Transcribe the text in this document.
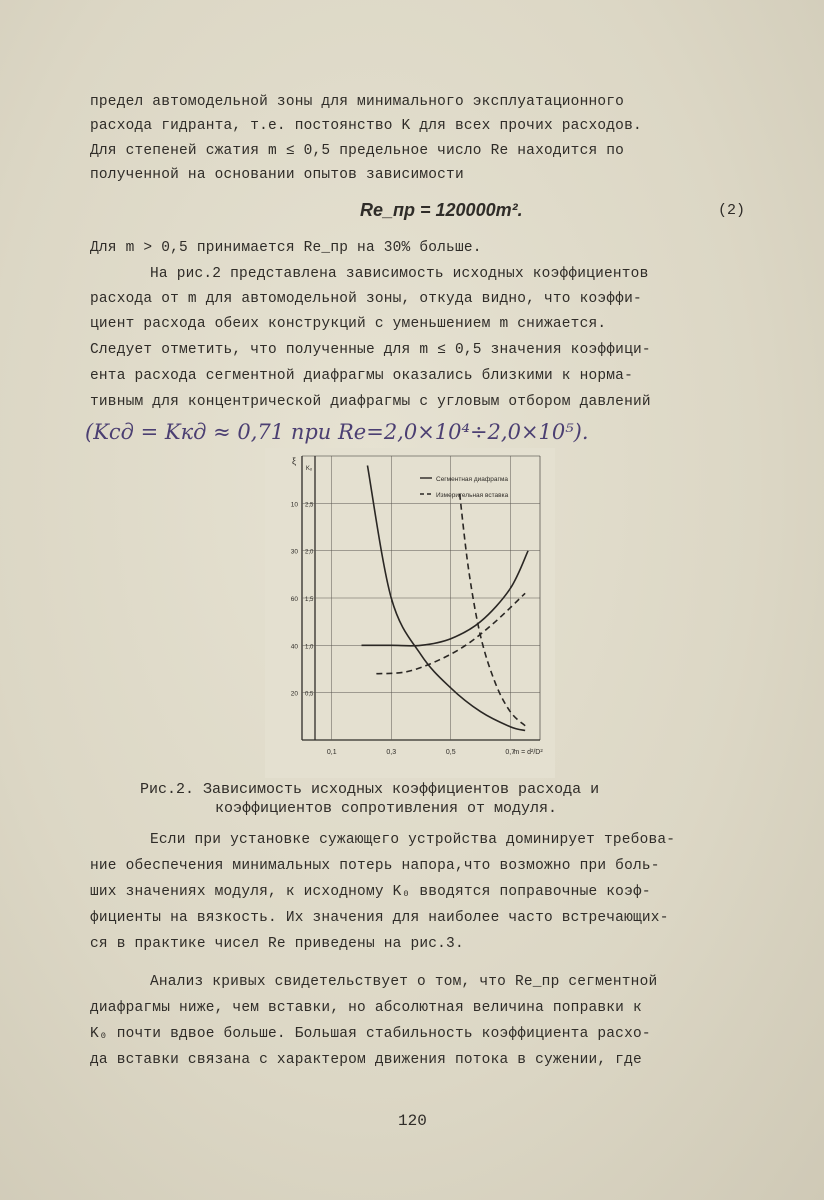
предел автомодельной зоны для минимального эксплуатационного
расхода гидранта, т.е. постоянство K для всех прочих расходов.
Для степеней сжатия m ≤ 0,5 предельное число Re находится по
полученной на основании опытов зависимости
Re_пр = 120000m².	(2)
Для m > 0,5 принимается Re_пр на 30% больше.
На рис.2 представлена зависимость исходных коэффициентов
расхода от m для автомодельной зоны, откуда видно, что коэффи-
циент расхода обеих конструкций с уменьшением m снижается.
Следует отметить, что полученные для m ≤ 0,5 значения коэффици-
ента расхода сегментной диафрагмы оказались близкими к норма-
тивным для концентрической диафрагмы с угловым отбором давлений
(Kсд = Kкд ≈ 0,71 при Re=2,0×10⁴÷2,0×10⁵).
0,1	0,3	0,5	0,7
m = d²/D²
10 2,5
30 2,0
60 1,5
40 1,0
20 0,5
ξ
Kₒ
Сегментная диафрагма
Измерительная вставка
Рис.2. Зависимость исходных коэффициентов расхода и
коэффициентов сопротивления от модуля.
Если при установке сужающего устройства доминирует требова-
ние обеспечения минимальных потерь напора,что возможно при боль-
ших значениях модуля, к исходному K₀ вводятся поправочные коэф-
фициенты на вязкость. Их значения для наиболее часто встречающих-
ся в практике чисел Re приведены на рис.3.
Анализ кривых свидетельствует о том, что Re_пр сегментной
диафрагмы ниже, чем вставки, но абсолютная величина поправки к
K₀ почти вдвое больше. Большая стабильность коэффициента расхо-
да вставки связана с характером движения потока в сужении, где
120
